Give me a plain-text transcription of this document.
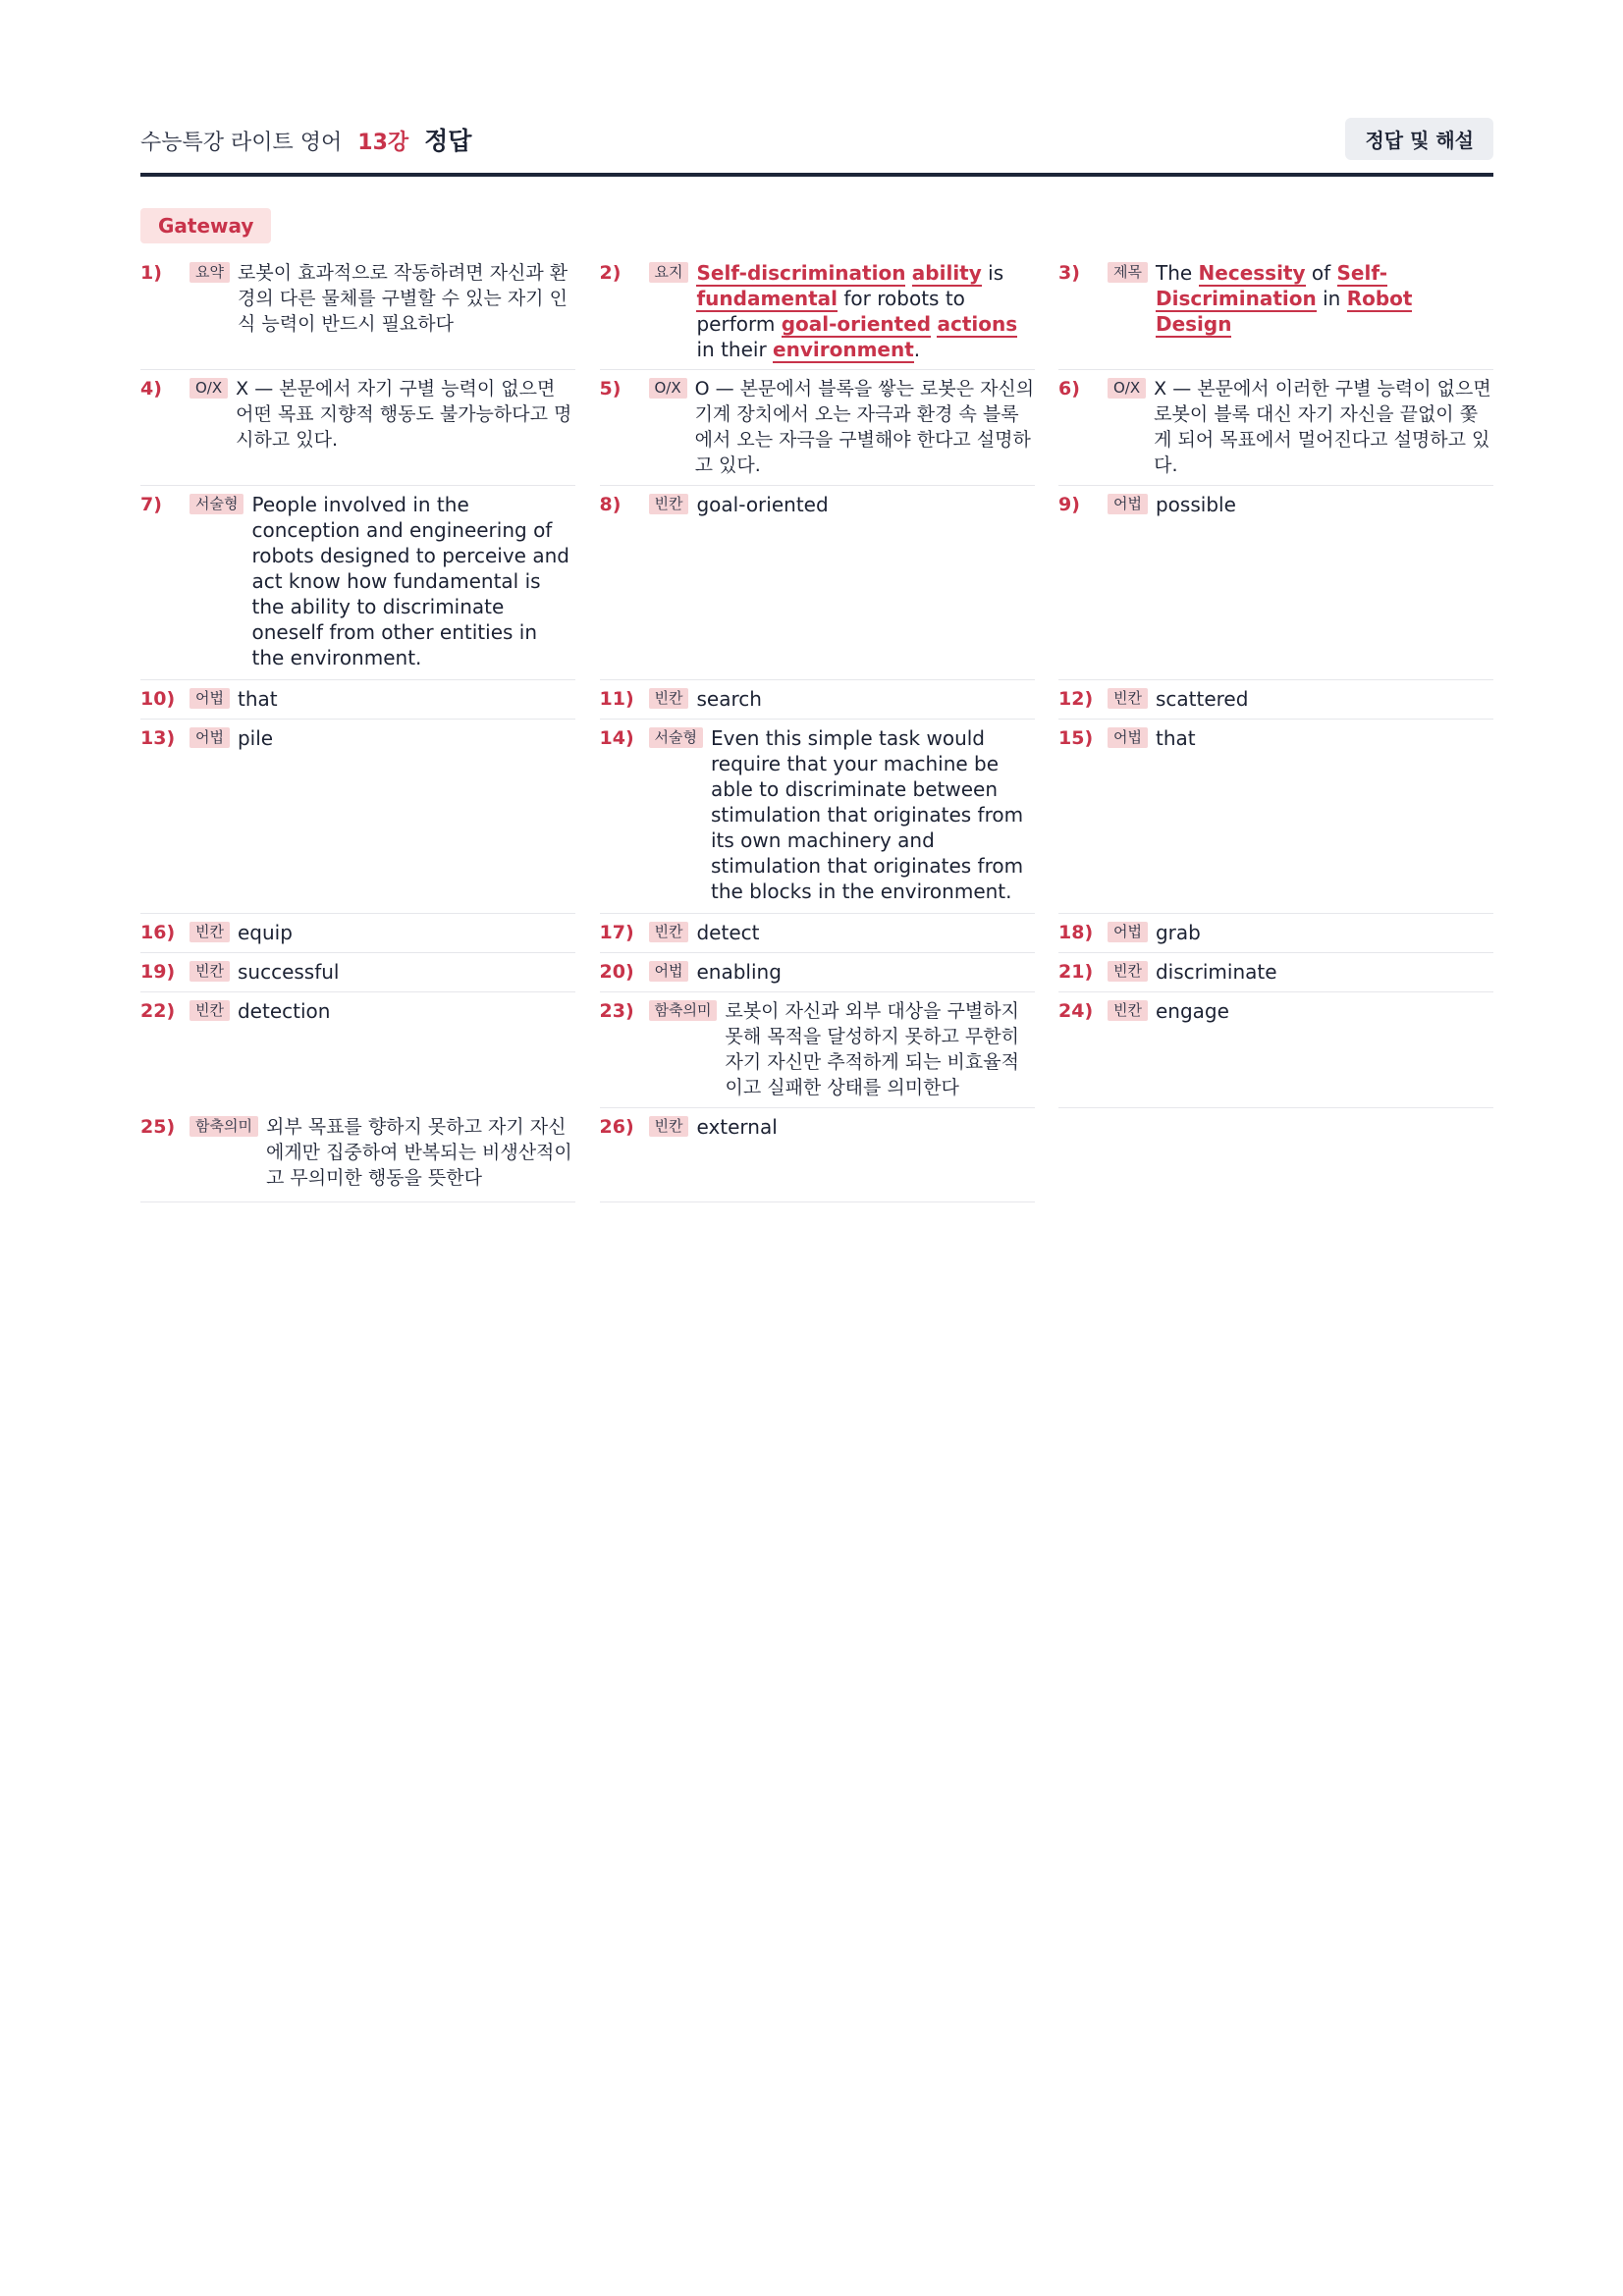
수능특강 라이트 영어 13강 정답	정답 및 해설
Gateway
1)	요약 로봇이 효과적으로 작동하려면 자신과 환경의 다른 물체를 구별할 수 있는 자기 인식 능력이 반드시 필요하다
2)	요지 Self-discrimination ability is fundamental for robots to perform goal-oriented actions in their environment.
3)	제목 The Necessity of Self-Discrimination in Robot Design
4)	O/X X — 본문에서 자기 구별 능력이 없으면 어떤 목표 지향적 행동도 불가능하다고 명시하고 있다.
5)	O/X O — 본문에서 블록을 쌓는 로봇은 자신의 기계 장치에서 오는 자극과 환경 속 블록에서 오는 자극을 구별해야 한다고 설명하고 있다.
6)	O/X X — 본문에서 이러한 구별 능력이 없으면 로봇이 블록 대신 자기 자신을 끝없이 쫓게 되어 목표에서 멀어진다고 설명하고 있다.
7)	서술형 People involved in the conception and engineering of robots designed to perceive and act know how fundamental is the ability to discriminate oneself from other entities in the environment.
8)	빈칸 goal-oriented	9)	어법 possible
10)	어법 that	11)	빈칸 search	12)	빈칸 scattered
13)	어법 pile	14)	서술형 Even this simple task would require that your machine be able to discriminate between stimulation that originates from its own machinery and stimulation that originates from the blocks in the environment.
15)	어법 that
16)	빈칸 equip	17)	빈칸 detect	18)	어법 grab
19)	빈칸 successful	20)	어법 enabling	21)	빈칸 discriminate
22)	빈칸 detection	23)	함축의미 로봇이 자신과 외부 대상을 구별하지 못해 목적을 달성하지 못하고 무한히 자기 자신만 추적하게 되는 비효율적이고 실패한 상태를 의미한다
24)	빈칸 engage
25)	함축의미 외부 목표를 향하지 못하고 자기 자신에게만 집중하여 반복되는 비생산적이고 무의미한 행동을 뜻한다
26)	빈칸 external
